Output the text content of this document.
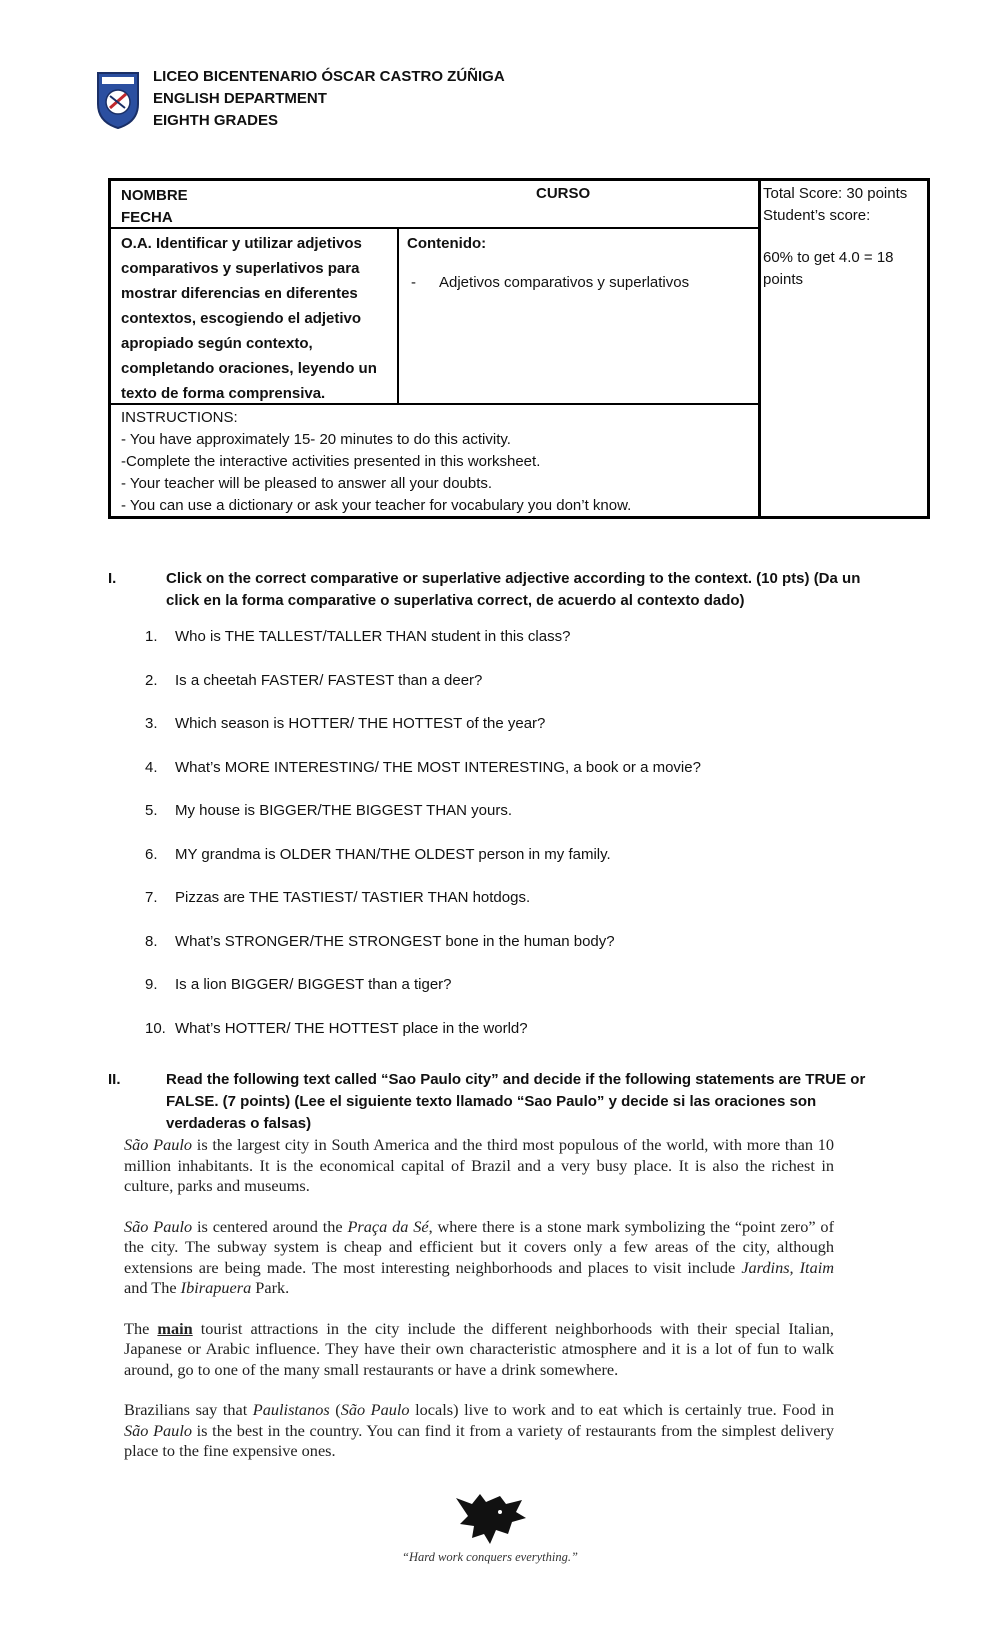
LICEO BICENTENARIO ÓSCAR CASTRO ZÚÑIGA
ENGLISH DEPARTMENT
EIGHTH GRADES
NOMBRE
FECHA
CURSO
O.A. Identificar y utilizar adjetivos comparativos y superlativos para mostrar diferencias en diferentes contextos, escogiendo el adjetivo apropiado según contexto, completando oraciones, leyendo un texto de forma comprensiva.
Contenido:
-	Adjetivos comparativos y superlativos
INSTRUCTIONS:
- You have approximately 15- 20 minutes to do this activity.
-Complete the interactive activities presented in this worksheet.
- Your teacher will be pleased to answer all your doubts.
- You can use a dictionary or ask your teacher for vocabulary you don’t know.
Total Score: 30 points
Student’s score:
60% to get 4.0 = 18
points
I.	Click on the correct comparative or superlative adjective according to the context. (10 pts) (Da un click en la forma comparative o superlativa correct, de acuerdo al contexto dado)
1.	Who is THE TALLEST/TALLER THAN student in this class?
2.	Is a cheetah FASTER/ FASTEST than a deer?
3.	Which season is HOTTER/ THE HOTTEST of the year?
4.	What’s MORE INTERESTING/ THE MOST INTERESTING, a book or a movie?
5.	My house is BIGGER/THE BIGGEST THAN yours.
6.	MY grandma is OLDER THAN/THE OLDEST person in my family.
7.	Pizzas are THE TASTIEST/ TASTIER THAN hotdogs.
8.	What’s STRONGER/THE STRONGEST bone in the human body?
9.	Is a lion BIGGER/ BIGGEST than a tiger?
10. What’s HOTTER/ THE HOTTEST place in the world?
II.	Read the following text called “Sao Paulo city” and decide if the following statements are TRUE or FALSE. (7 points) (Lee el siguiente texto llamado “Sao Paulo” y decide si las oraciones son verdaderas o falsas)

São Paulo is the largest city in South America and the third most populous of the world, with more than 10 million inhabitants. It is the economical capital of Brazil and a very busy place. It is also the richest in culture, parks and museums.

São Paulo is centered around the Praça da Sé, where there is a stone mark symbolizing the “point zero” of the city. The subway system is cheap and efficient but it covers only a few areas of the city, although extensions are being made. The most interesting neighborhoods and places to visit include Jardins, Itaim and The Ibirapuera Park.

The main tourist attractions in the city include the different neighborhoods with their special Italian, Japanese or Arabic influence. They have their own characteristic atmosphere and it is a lot of fun to walk around, go to one of the many small restaurants or have a drink somewhere.

Brazilians say that Paulistanos (São Paulo locals) live to work and to eat which is certainly true. Food in São Paulo is the best in the country. You can find it from a variety of restaurants from the simplest delivery place to the fine expensive ones.

“Hard work conquers everything.”
